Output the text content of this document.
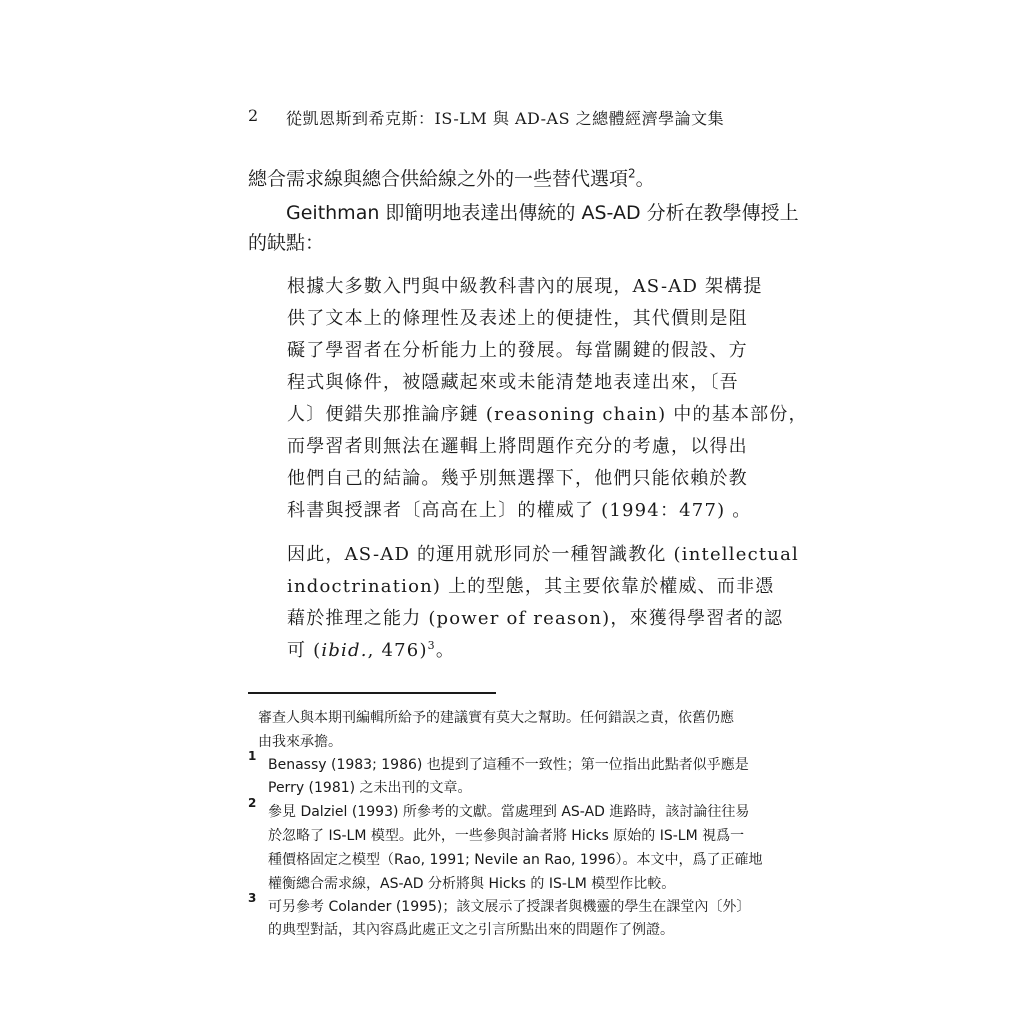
2 從凱恩斯到希克斯：IS-LM 與 AD-AS 之總體經濟學論文集
總合需求線與總合供給線之外的一些替代選項$^2$。
Geithman 即簡明地表達出傳統的 AS-AD 分析在教學傳授上
的缺點：
根據大多數入門與中級教科書內的展現，AS-AD 架構提
供了文本上的條理性及表述上的便捷性，其代價則是阻
礙了學習者在分析能力上的發展。每當關鍵的假設、方
程式與條件，被隱藏起來或未能清楚地表達出來，〔吾
人〕便錯失那推論序鏈 (reasoning chain) 中的基本部份，
而學習者則無法在邏輯上將問題作充分的考慮，以得出
他們自己的結論。幾乎別無選擇下，他們只能依賴於教
科書與授課者〔高高在上〕的權威了 (1994：477) 。
因此，AS-AD 的運用就形同於一種智識教化 (intellectual
indoctrination) 上的型態，其主要依靠於權威、而非憑
藉於推理之能力 (power of reason)，來獲得學習者的認
可 (ibid., 476)$^3$。
審查人與本期刊編輯所給予的建議實有莫大之幫助。任何錯誤之責，依舊仍應
由我來承擔。
Benassy (1983; 1986) 也提到了這種不一致性；第一位指出此點者似乎應是
Perry (1981) 之未出刊的文章。
參見 Dalziel (1993) 所參考的文獻。當處理到 AS-AD 進路時，該討論往往易
於忽略了 IS-LM 模型。此外，一些參與討論者將 Hicks 原始的 IS-LM 視爲一
種價格固定之模型（Rao, 1991; Nevile an Rao, 1996）。本文中，爲了正確地
權衡總合需求線，AS-AD 分析將與 Hicks 的 IS-LM 模型作比較。
可另參考 Colander (1995)；該文展示了授課者與機靈的學生在課堂內〔外〕
的典型對話，其內容爲此處正文之引言所點出來的問題作了例證。
1
2
3
